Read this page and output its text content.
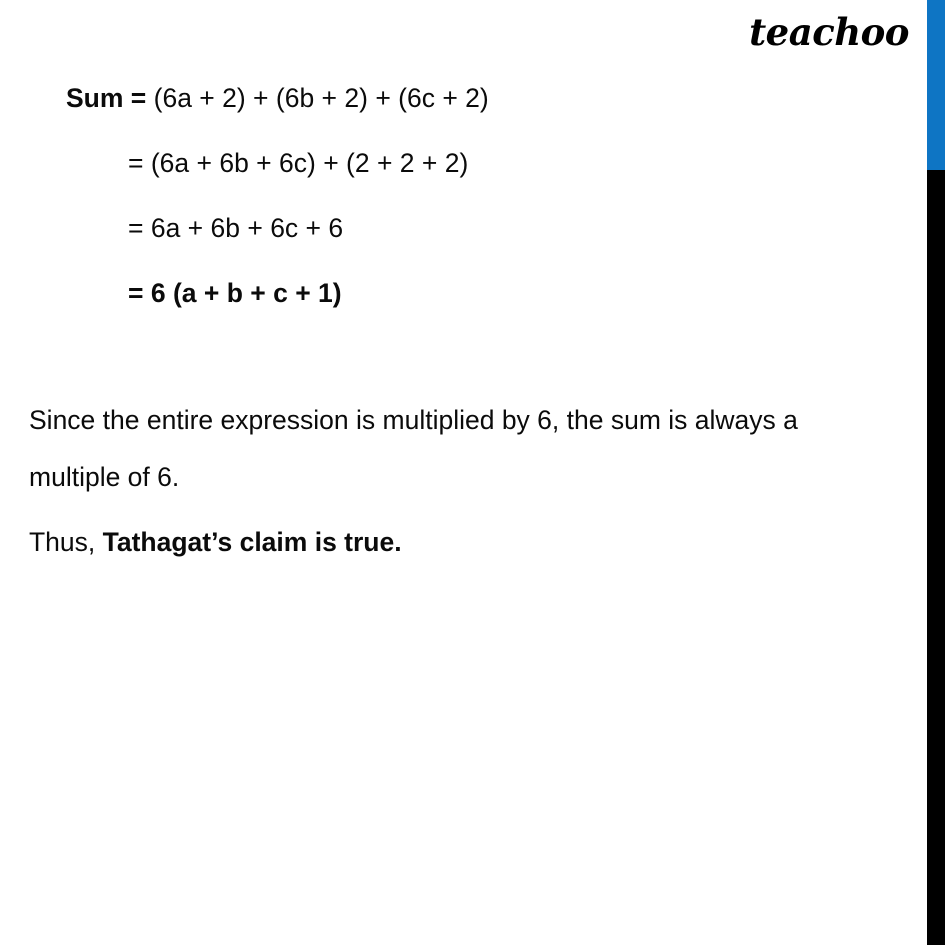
teachoo
Sum = (6a + 2) + (6b + 2) + (6c + 2)
= (6a + 6b + 6c) + (2 + 2 + 2)
= 6a + 6b + 6c + 6
= 6 (a + b + c + 1)
Since the entire expression is multiplied by 6, the sum is always a
multiple of 6.
Thus, Tathagat’s claim is true.
